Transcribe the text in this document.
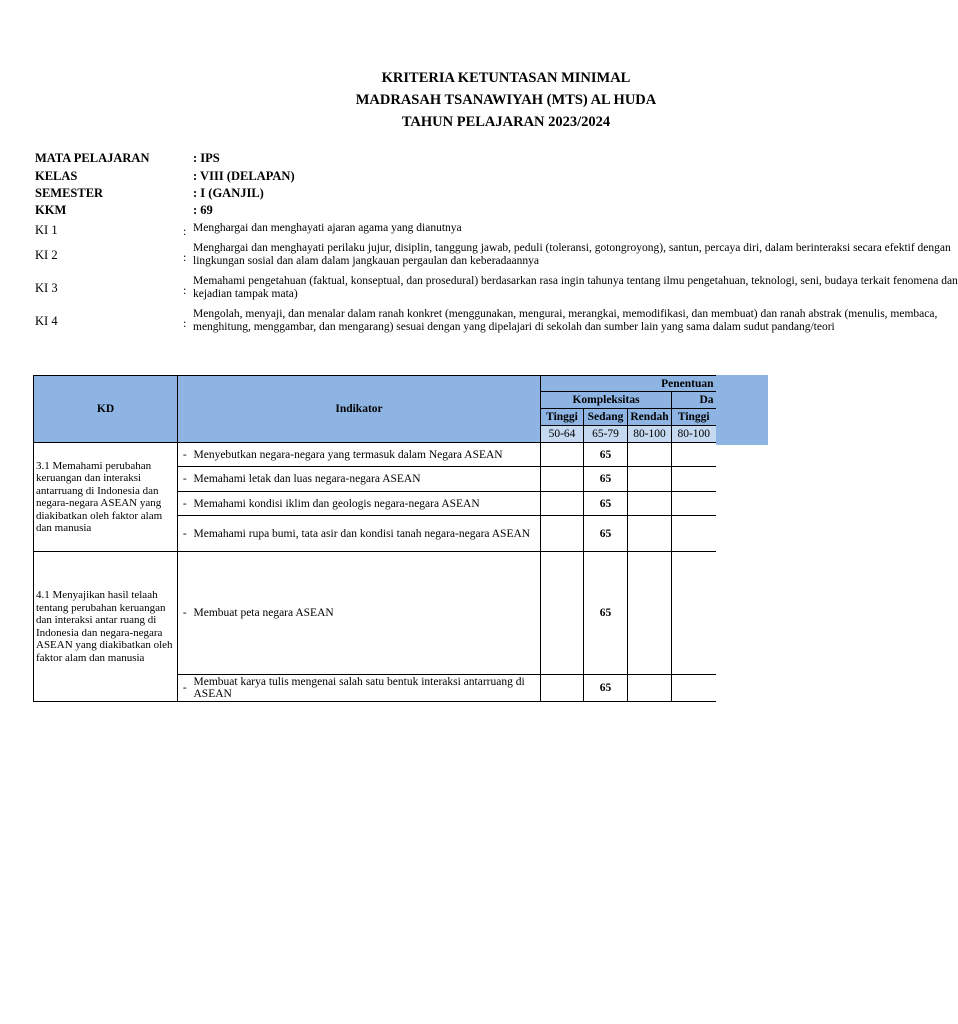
KRITERIA KETUNTASAN MINIMAL
MADRASAH TSANAWIYAH (MTS) AL HUDA
TAHUN PELAJARAN 2023/2024
MATA PELAJARAN	: IPS
KELAS	: VIII (DELAPAN)
SEMESTER	: I (GANJIL)
KKM	: 69
KI 1	: Menghargai dan menghayati ajaran agama yang dianutnya
KI 2	:
Menghargai dan menghayati perilaku jujur, disiplin, tanggung jawab, peduli (toleransi, gotongroyong), santun, percaya diri, dalam berinteraksi secara efektif dengan
lingkungan sosial dan alam dalam jangkauan pergaulan dan keberadaannya
KI 3	:
Memahami pengetahuan (faktual, konseptual, dan prosedural) berdasarkan rasa ingin tahunya tentang ilmu pengetahuan, teknologi, seni, budaya terkait fenomena dan
kejadian tampak mata)
KI 4	:
Mengolah, menyaji, dan menalar dalam ranah konkret (menggunakan, mengurai, merangkai, memodifikasi, dan membuat) dan ranah abstrak (menulis, membaca,
menghitung, menggambar, dan mengarang) sesuai dengan yang dipelajari di sekolah dan sumber lain yang sama dalam sudut pandang/teori
KD	Indikator		Penentuan			
			Kompleksitas			Da
			Tinggi	Sedang	Rendah	Tinggi
			50-64	65-79	80-100	80-100
3.1 Memahami perubahan keruangan dan interaksi antarruang di Indonesia dan negara-negara ASEAN yang diakibatkan oleh faktor alam dan manusia	-	Menyebutkan negara-negara yang termasuk dalam Negara ASEAN		65		
	-	Memahami letak dan luas negara-negara ASEAN		65		
	-	Memahami kondisi iklim dan geologis negara-negara ASEAN		65		
	-	Memahami rupa bumi, tata asir dan kondisi tanah negara-negara ASEAN		65		
4.1 Menyajikan hasil telaah tentang perubahan keruangan dan interaksi antar ruang di Indonesia dan negara-negara ASEAN yang diakibatkan oleh faktor alam dan manusia	-	Membuat peta negara ASEAN		65		
	-	Membuat karya tulis mengenai salah satu bentuk interaksi antarruang di ASEAN		65		
